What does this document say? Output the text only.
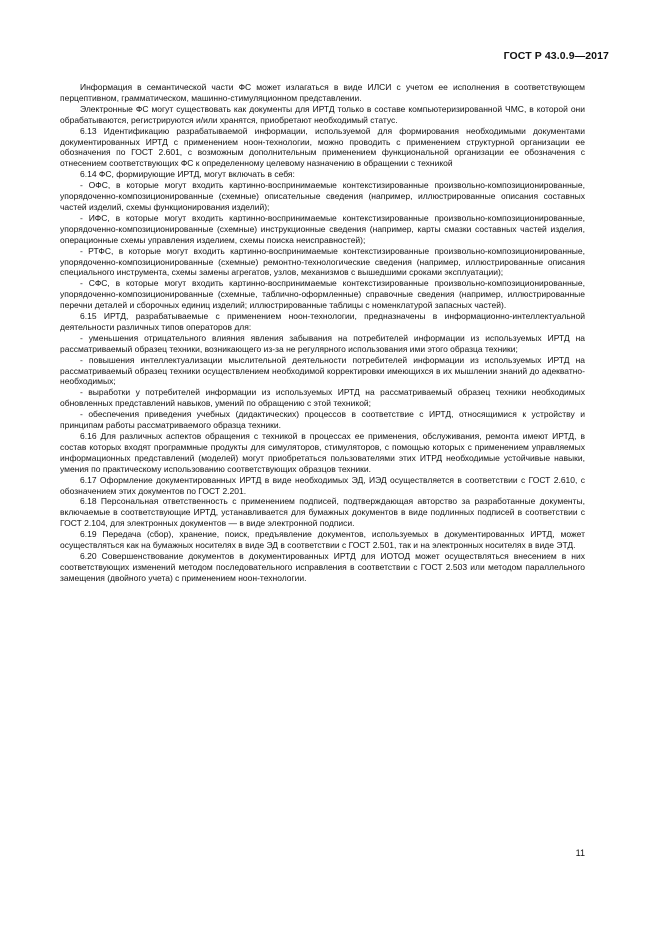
ГОСТ Р 43.0.9—2017

Информация в семантической части ФС может излагаться в виде ИЛСИ с учетом ее исполнения в соответствующем перцептивном, грамматическом, машинно-стимуляционном представлении.

Электронные ФС могут существовать как документы для ИРТД только в составе компьютеризированной ЧМС, в которой они обрабатываются, регистрируются и/или хранятся, приобретают необходимый статус.

6.13 Идентификацию разрабатываемой информации, используемой для формирования необходимыми документами документированных ИРТД с применением ноон-технологии, можно проводить с применением структурной организации ее обозначения по ГОСТ 2.601, с возможным дополнительным применением функциональной организации ее обозначения с отнесением соответствующих ФС к определенному целевому назначению в обращении с техникой

6.14 ФС, формирующие ИРТД, могут включать в себя:

- ОФС, в которые могут входить картинно-воспринимаемые контекстизированные произвольно-композиционированные, упорядоченно-композиционированные (схемные) описательные сведения (например, иллюстрированные описания составных частей изделий, схемы функционирования изделий);

- ИФС, в которые могут входить картинно-воспринимаемые контекстизированные произвольно-композиционированные, упорядоченно-композиционированные (схемные) инструкционные сведения (например, карты смазки составных частей изделия, операционные схемы управления изделием, схемы поиска неисправностей);

- РТФС, в которые могут входить картинно-воспринимаемые контекстизированные произвольно-композиционированные, упорядоченно-композиционированные (схемные) ремонтно-технологические сведения (например, иллюстрированные описания специального инструмента, схемы замены агрегатов, узлов, механизмов с вышедшими сроками эксплуатации);

- СФС, в которые могут входить картинно-воспринимаемые контекстизированные произвольно-композиционированные, упорядоченно-композиционированные (схемные, таблично-оформленные) справочные сведения (например, иллюстрированные перечни деталей и сборочных единиц изделий; иллюстрированные таблицы с номенклатурой запасных частей).

6.15 ИРТД, разрабатываемые с применением ноон-технологии, предназначены в информационно-интеллектуальной деятельности различных типов операторов для:

- уменьшения отрицательного влияния явления забывания на потребителей информации из используемых ИРТД на рассматриваемый образец техники, возникающего из-за не регулярного использования ими этого образца техники;

- повышения интеллектуализации мыслительной деятельности потребителей информации из используемых ИРТД на рассматриваемый образец техники осуществлением необходимой корректировки имеющихся в их мышлении знаний до адекватно-необходимых;

- выработки у потребителей информации из используемых ИРТД на рассматриваемый образец техники необходимых обновленных представлений навыков, умений по обращению с этой техникой;

- обеспечения приведения учебных (дидактических) процессов в соответствие с ИРТД, относящимися к устройству и принципам работы рассматриваемого образца техники.

6.16 Для различных аспектов обращения с техникой в процессах ее применения, обслуживания, ремонта имеют ИРТД, в состав которых входят программные продукты для симуляторов, стимуляторов, с помощью которых с применением управляемых информационных представлений (моделей) могут приобретаться пользователями этих ИТРД необходимые устойчивые навыки, умения по практическому использованию соответствующих образцов техники.

6.17 Оформление документированных ИРТД в виде необходимых ЭД, ИЭД осуществляется в соответствии с ГОСТ 2.610, с обозначением этих документов по ГОСТ 2.201.

6.18 Персональная ответственность с применением подписей, подтверждающая авторство за разработанные документы, включаемые в соответствующие ИРТД, устанавливается для бумажных документов в виде подлинных подписей в соответствии с ГОСТ 2.104, для электронных документов — в виде электронной подписи.

6.19 Передача (сбор), хранение, поиск, предъявление документов, используемых в документированных ИРТД, может осуществляться как на бумажных носителях в виде ЭД в соответствии с ГОСТ 2.501, так и на электронных носителях в виде ЭТД.

6.20 Совершенствование документов в документированных ИРТД для ИОТОД может осуществляться внесением в них соответствующих изменений методом последовательного исправления в соответствии с ГОСТ 2.503 или методом параллельного замещения (двойного учета) с применением ноон-технологии.

11
